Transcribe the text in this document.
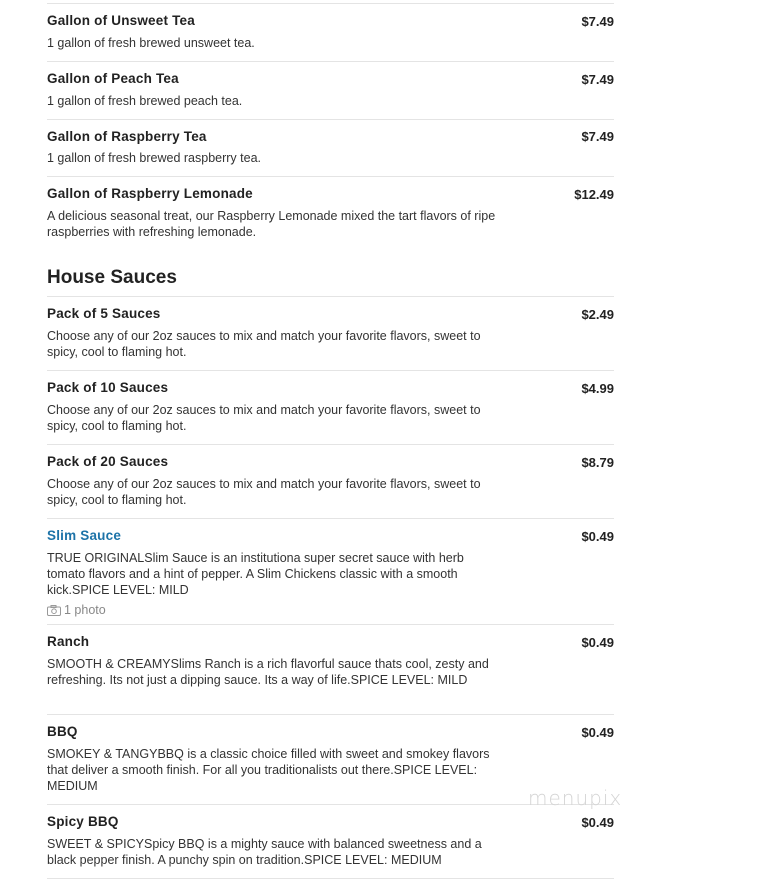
Gallon of Unsweet Tea	$7.49
1 gallon of fresh brewed unsweet tea.
Gallon of Peach Tea	$7.49
1 gallon of fresh brewed peach tea.
Gallon of Raspberry Tea	$7.49
1 gallon of fresh brewed raspberry tea.
Gallon of Raspberry Lemonade	$12.49
A delicious seasonal treat, our Raspberry Lemonade mixed the tart flavors of ripe raspberries with refreshing lemonade.
House Sauces
Pack of 5 Sauces	$2.49
Choose any of our 2oz sauces to mix and match your favorite flavors, sweet to spicy, cool to flaming hot.
Pack of 10 Sauces	$4.99
Choose any of our 2oz sauces to mix and match your favorite flavors, sweet to spicy, cool to flaming hot.
Pack of 20 Sauces	$8.79
Choose any of our 2oz sauces to mix and match your favorite flavors, sweet to spicy, cool to flaming hot.
Slim Sauce	$0.49
TRUE ORIGINALSlim Sauce is an institutiona super secret sauce with herb tomato flavors and a hint of pepper. A Slim Chickens classic with a smooth kick.SPICE LEVEL: MILD
1 photo
Ranch	$0.49
SMOOTH & CREAMYSlims Ranch is a rich flavorful sauce thats cool, zesty and refreshing. Its not just a dipping sauce. Its a way of life.SPICE LEVEL: MILD
BBQ	$0.49
SMOKEY & TANGYBBQ is a classic choice filled with sweet and smokey flavors that deliver a smooth finish. For all you traditionalists out there.SPICE LEVEL: MEDIUM
Spicy BBQ	$0.49
SWEET & SPICYSpicy BBQ is a mighty sauce with balanced sweetness and a black pepper finish. A punchy spin on tradition.SPICE LEVEL: MEDIUM
menupix
